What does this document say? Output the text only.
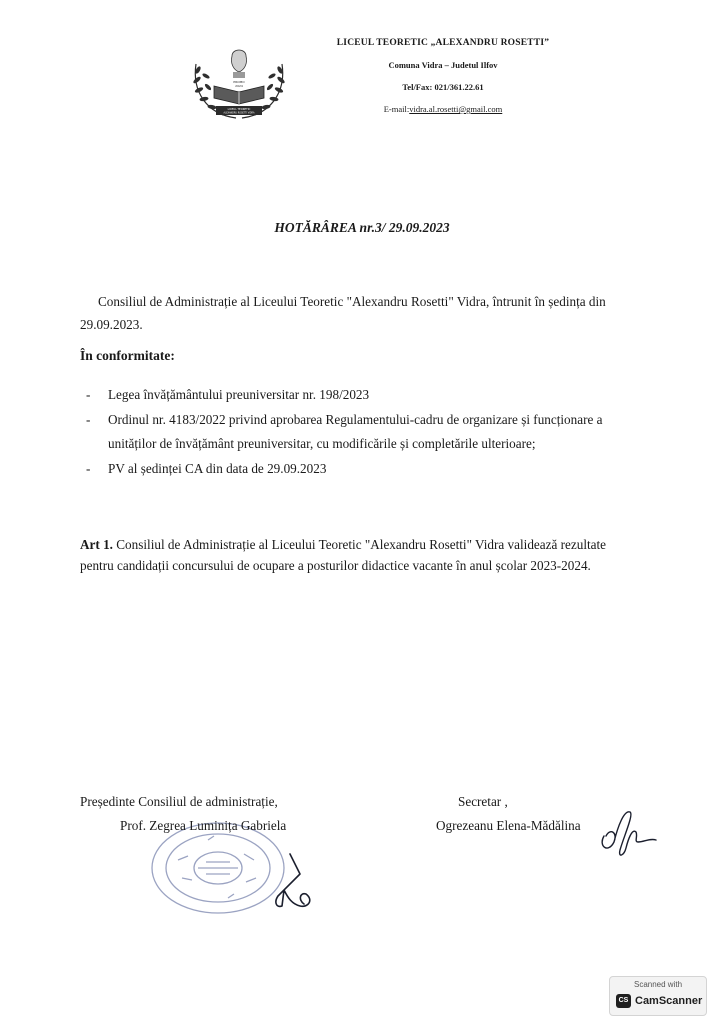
PROMO
2024
LICEUL TEORETIC
ALEXANDRU ROSETTI VIDRA
LICEUL TEORETIC „ALEXANDRU ROSETTI”
Comuna Vidra – Judetul Ilfov
Tel/Fax: 021/361.22.61
E-mail:vidra.al.rosetti@gmail.com
HOTĂRÂREA nr.3/ 29.09.2023
Consiliul de Administrație al Liceului Teoretic "Alexandru Rosetti" Vidra, întrunit în ședința din 29.09.2023.
În conformitate:
- Legea învățământului preuniversitar nr. 198/2023
- Ordinul nr. 4183/2022 privind aprobarea Regulamentului-cadru de organizare și funcționare a unităților de învățământ preuniversitar, cu modificările și completările ulterioare;
- PV al ședinței CA din data de 29.09.2023
Art 1. Consiliul de Administrație al Liceului Teoretic "Alexandru Rosetti" Vidra validează rezultate pentru candidații concursului de ocupare a posturilor didactice vacante în anul școlar 2023-2024.
Președinte Consiliul de administrație,
Prof. Zegrea Luminița Gabriela
Secretar ,
Ogrezeanu Elena-Mădălina
Scanned with
CS CamScanner
